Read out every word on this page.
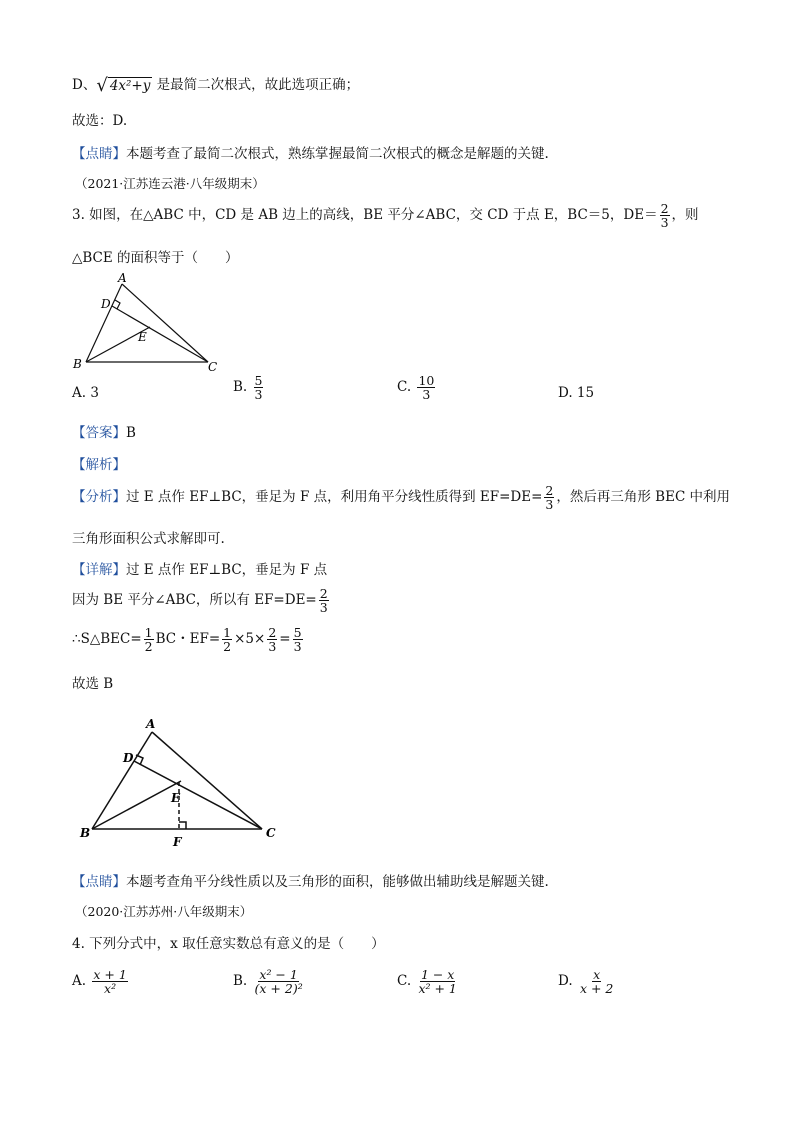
D、 √ 4x²+y 是最简二次根式，故此选项正确；
故选：D.
【点睛】本题考查了最简二次根式，熟练掌握最简二次根式的概念是解题的关键.
（2021·江苏连云港·八年级期末）
3. 如图，在△ABC 中，CD 是 AB 边上的高线，BE 平分∠ABC，交 CD 于点 E，BC＝5，$DE= \frac{2}{3}$ ，则
△BCE 的面积等于（　　）
A
D
E
B	C
A. 3	B. $\frac{5}{3}$	C. $\frac{10}{3}$	D. 15
【答案】B
【解析】
【分析】过 E 点作 EF⊥BC，垂足为 F 点，利用角平分线性质得到 $EF=DE= \frac{2}{3}$ ，然后再三角形 BEC 中利用
三角形面积公式求解即可.
【详解】过 E 点作 EF⊥BC，垂足为 F 点
因为 BE 平分∠ABC，所以有 $EF=DE= \frac{2}{3}$
∴S△BEC= $\frac{1}{2}$ BC・$EF= \frac{1}{2} \times 5\times \frac{2}{3} = \frac{5}{3}$
故选 B
A
D
E
B
F
C
【点睛】本题考查角平分线性质以及三角形的面积，能够做出辅助线是解题关键.
（2020·江苏苏州·八年级期末）
4. 下列分式中，x 取任意实数总有意义的是（　　）
A. $\frac{x + 1}{\text{x²}}$	B. $\frac{\text{x² − 1}}{\text{(x + 2)²}}$	C. $\frac{1 - x}{\text{x² + 1}}$	D. $\frac{x}{x + 2}$
